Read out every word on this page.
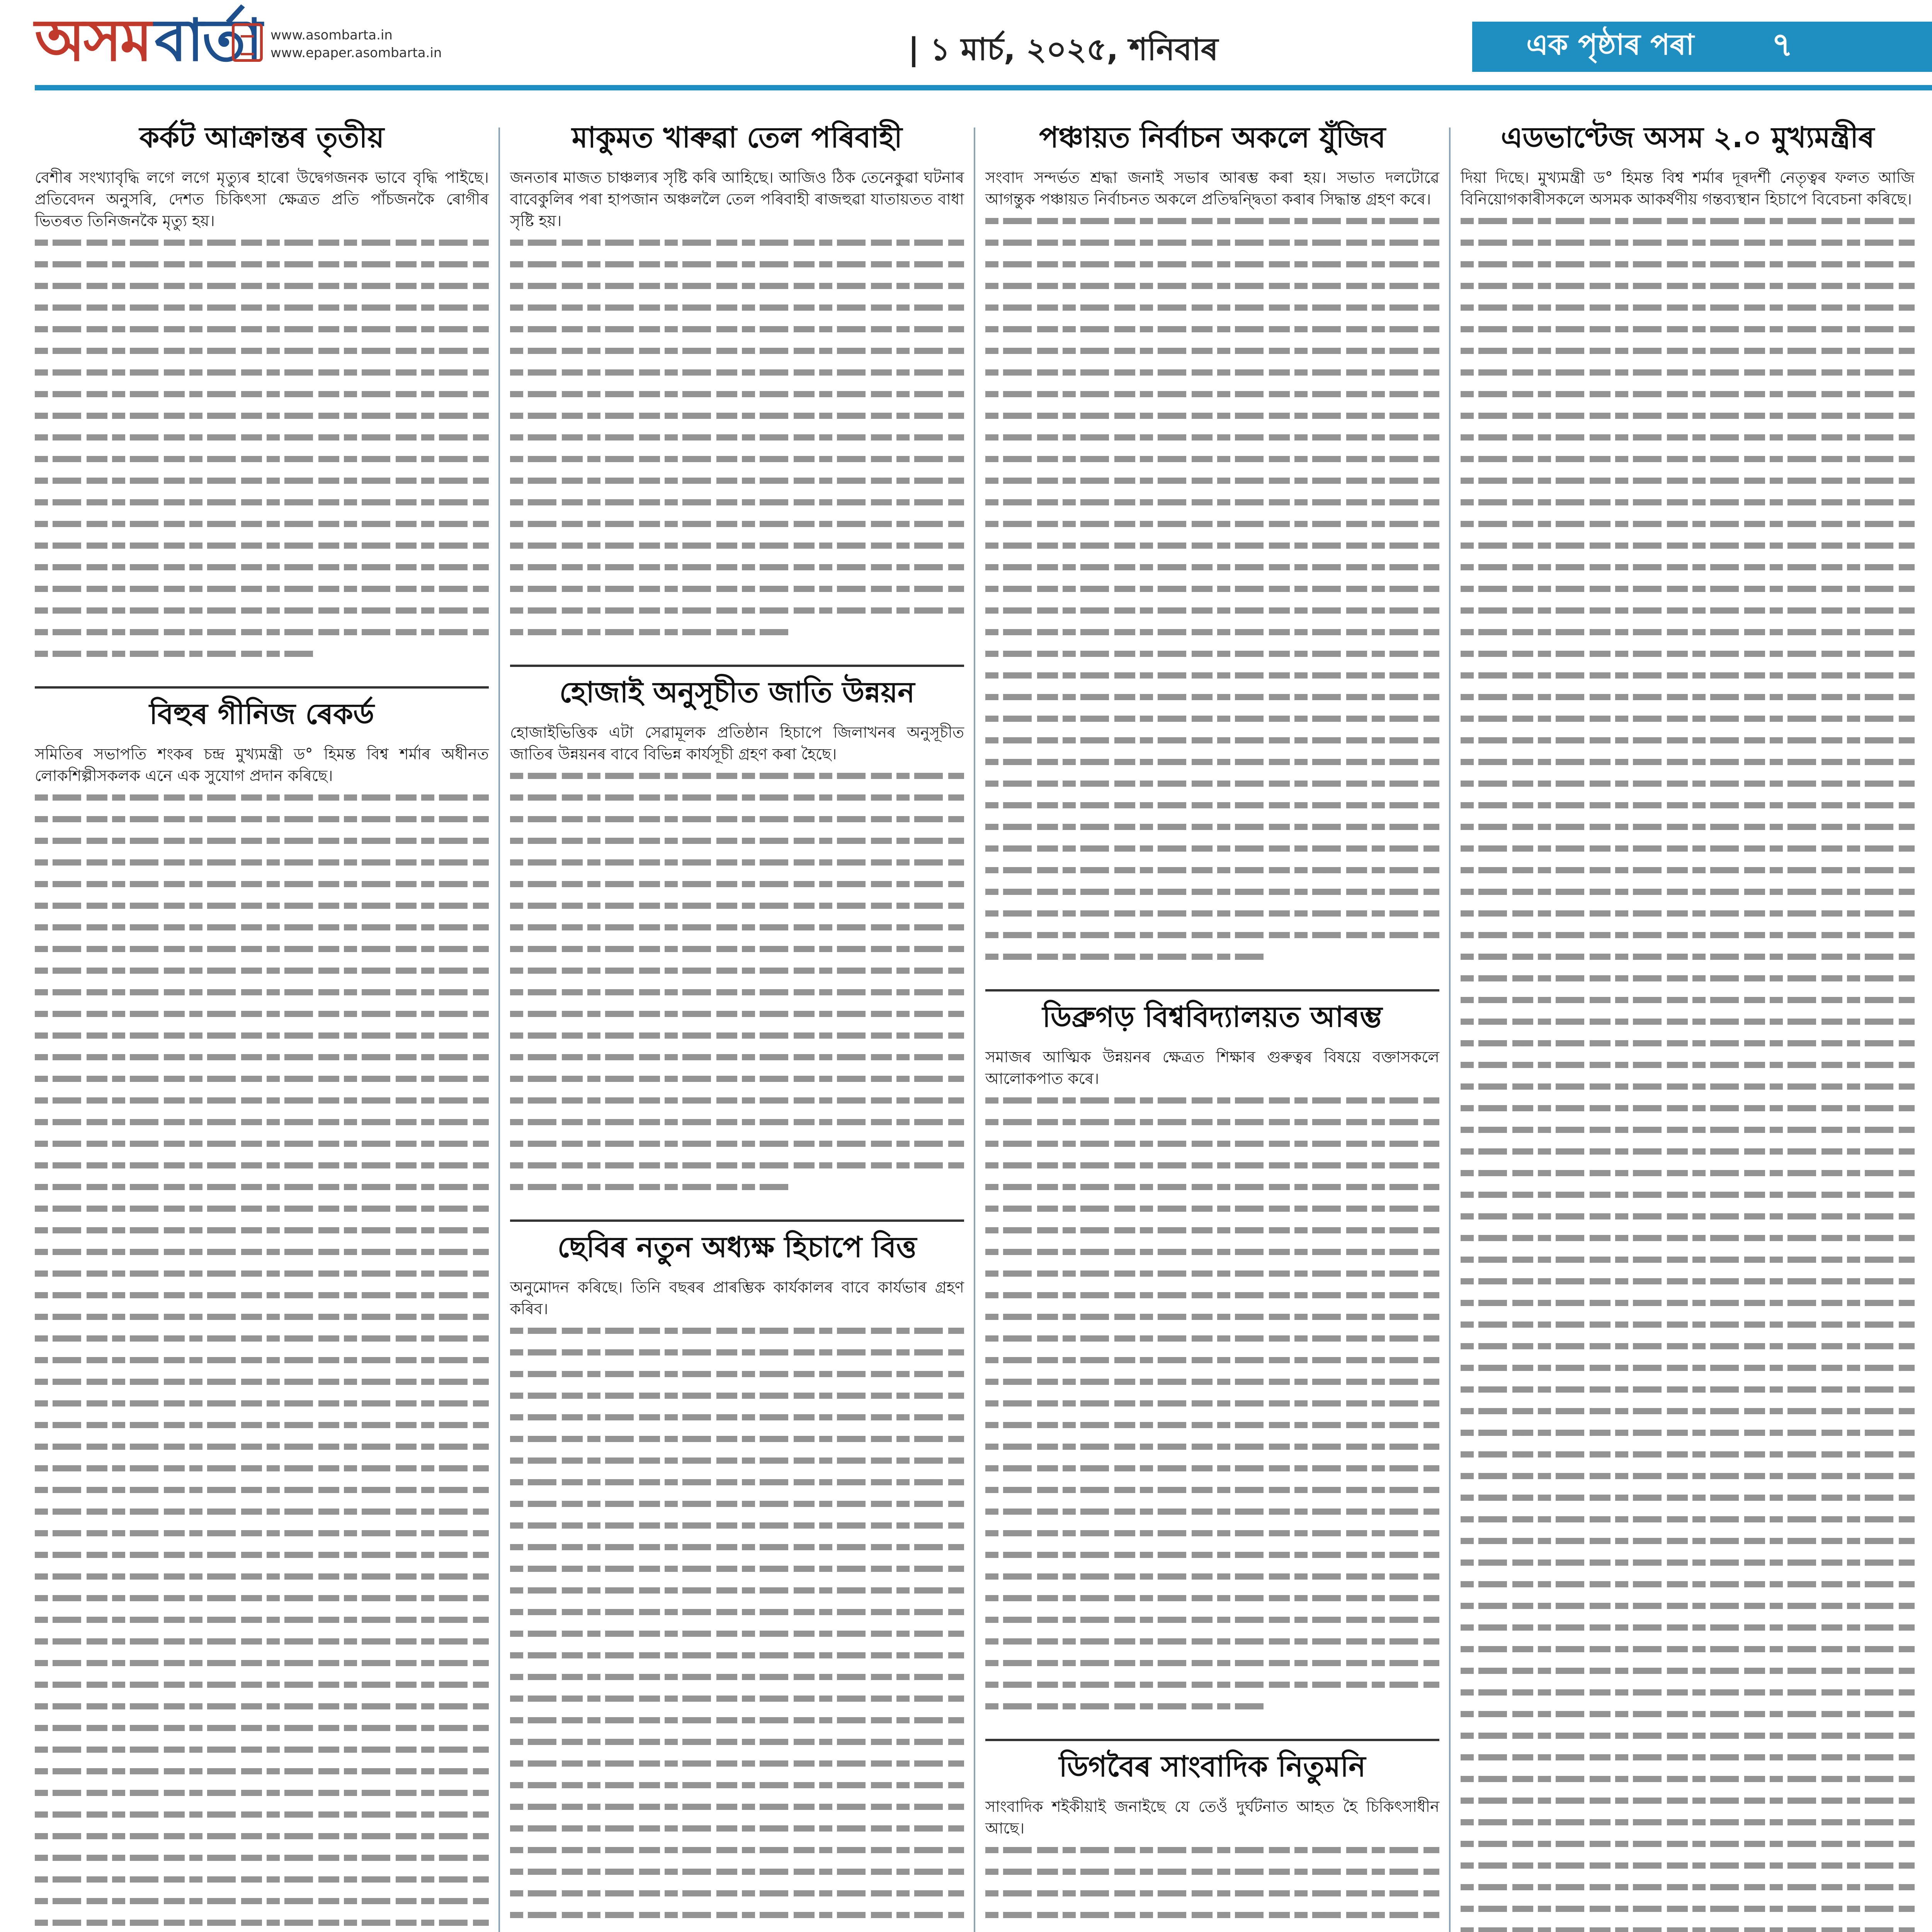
অসম বাৰ্তা www.asombarta.in
www.epaper.asombarta.in	| ১ মাৰ্চ, ২০২৫, শনিবাৰ	এক পৃষ্ঠাৰ পৰা ৭
কৰ্কট আক্ৰান্তৰ তৃতীয়

বেশীৰ সংখ্যাবৃদ্ধি লগে লগে মৃত্যুৰ হাৰো উদ্বেগজনক ভাবে বৃদ্ধি পাইছে। প্ৰতিবেদন অনুসৰি, দেশত চিকিৎসা ক্ষেত্ৰত প্ৰতি পাঁচজনকৈ ৰোগীৰ ভিতৰত তিনিজনকৈ মৃত্যু হয়।

বিহুৰ গীনিজ ৰেকৰ্ড

সমিতিৰ সভাপতি শংকৰ চন্দ্ৰ মুখ্যমন্ত্ৰী ড° হিমন্ত বিশ্ব শৰ্মাৰ অধীনত লোকশিল্পীসকলক এনে এক সুযোগ প্ৰদান কৰিছে।

মাকুমত খাৰুৱা তেল পৰিবাহী

জনতাৰ মাজত চাঞ্চল্যৰ সৃষ্টি কৰি আহিছে। আজিও ঠিক তেনেকুৱা ঘটনাৰ বাবেকুলিৰ পৰা হাপজান অঞ্চললৈ তেল পৰিবাহী ৰাজহুৱা যাতায়তত বাধা সৃষ্টি হয়।

হোজাই অনুসূচীত জাতি উন্নয়ন

হোজাইভিত্তিক এটা সেৱামূলক প্ৰতিষ্ঠান হিচাপে জিলাখনৰ অনুসূচীত জাতিৰ উন্নয়নৰ বাবে বিভিন্ন কাৰ্যসূচী গ্ৰহণ কৰা হৈছে।

ছেবিৰ নতুন অধ্যক্ষ হিচাপে বিত্ত

অনুমোদন কৰিছে। তিনি বছৰৰ প্ৰাৰম্ভিক কাৰ্যকালৰ বাবে কাৰ্যভাৰ গ্ৰহণ কৰিব।

পঞ্চায়ত নিৰ্বাচন অকলে যুঁজিব

সংবাদ সন্দৰ্ভত শ্ৰদ্ধা জনাই সভাৰ আৰম্ভ কৰা হয়। সভাত দলটোৱে আগন্তুক পঞ্চায়ত নিৰ্বাচনত অকলে প্ৰতিদ্বন্দ্বিতা কৰাৰ সিদ্ধান্ত গ্ৰহণ কৰে।

ডিব্ৰুগড় বিশ্ববিদ্যালয়ত আৰম্ভ

সমাজৰ আত্মিক উন্নয়নৰ ক্ষেত্ৰত শিক্ষাৰ গুৰুত্বৰ বিষয়ে বক্তাসকলে আলোকপাত কৰে।

ডিগবৈৰ সাংবাদিক নিতুমনি

সাংবাদিক শইকীয়াই জনাইছে যে তেওঁ দুৰ্ঘটনাত আহত হৈ চিকিৎসাধীন আছে।

এডভাণ্টেজ অসম ২.০ মুখ্যমন্ত্ৰীৰ

দিয়া দিছে। মুখ্যমন্ত্ৰী ড° হিমন্ত বিশ্ব শৰ্মাৰ দূৰদৰ্শী নেতৃত্বৰ ফলত আজি বিনিয়োগকাৰীসকলে অসমক আকৰ্ষণীয় গন্তব্যস্থান হিচাপে বিবেচনা কৰিছে।
